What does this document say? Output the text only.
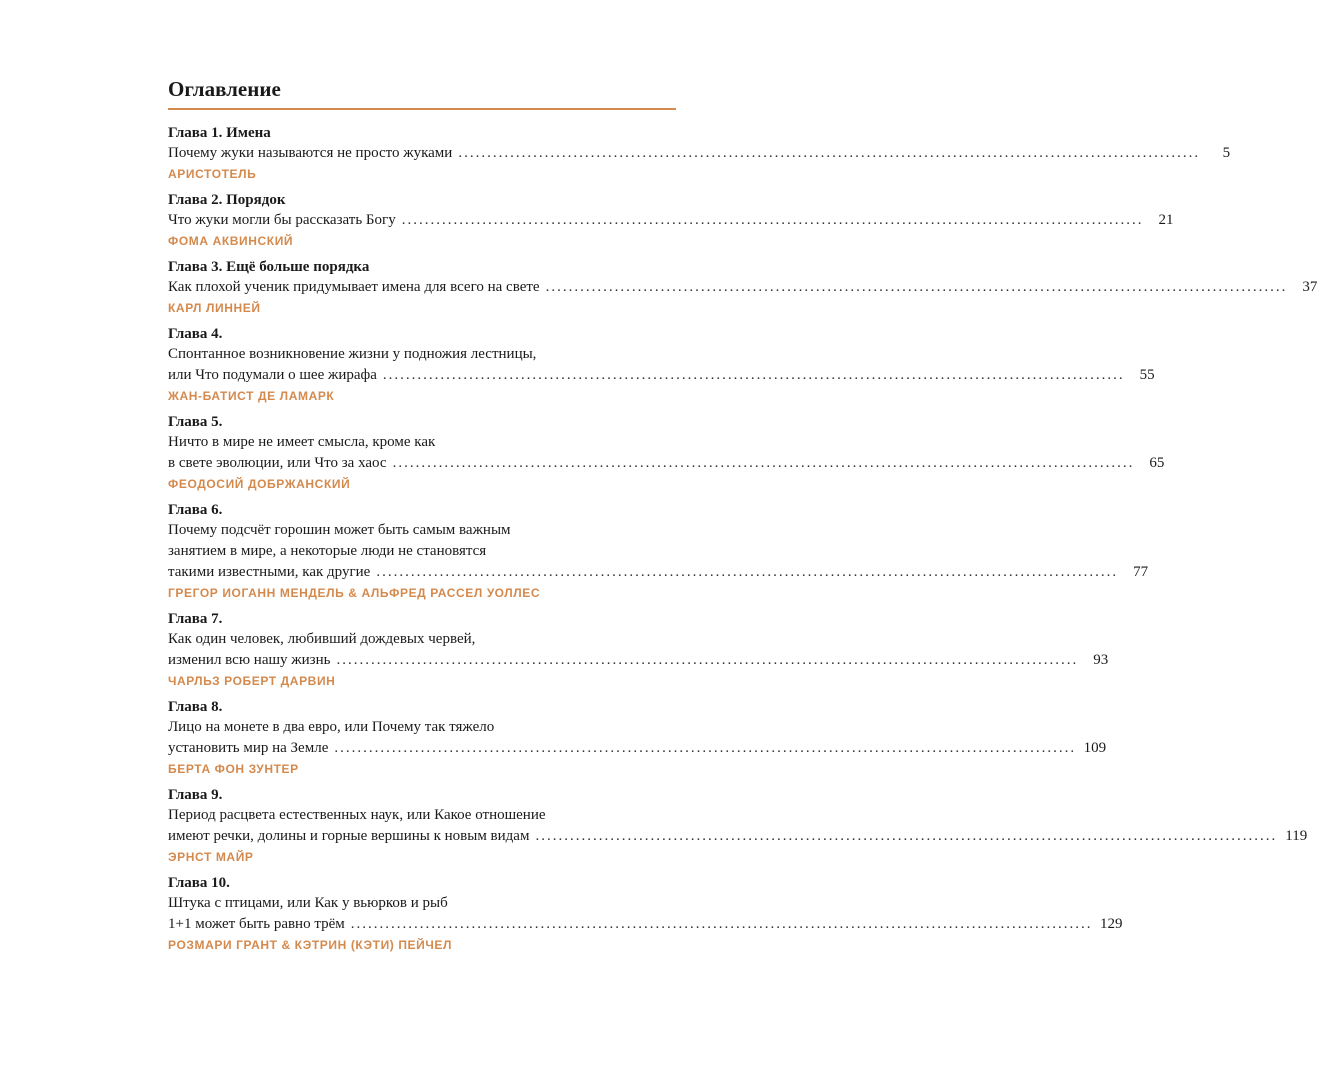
Оглавление
Глава 1. Имена
Почему жуки называются не просто жуками .................................................................................................................................	5
АРИСТОТЕЛЬ
Глава 2. Порядок
Что жуки могли бы рассказать Богу .................................................................................................................................	21
ФОМА АКВИНСКИЙ
Глава 3. Ещё больше порядка
Как плохой ученик придумывает имена для всего на свете .................................................................................................................................	37
КАРЛ ЛИННЕЙ
Глава 4.
Спонтанное возникновение жизни у подножия лестницы,
или Что подумали о шее жирафа .................................................................................................................................	55
ЖАН-БАТИСТ ДЕ ЛАМАРК
Глава 5.
Ничто в мире не имеет смысла, кроме как
в свете эволюции, или Что за хаос .................................................................................................................................	65
ФЕОДОСИЙ ДОБРЖАНСКИЙ
Глава 6.
Почему подсчёт горошин может быть самым важным
занятием в мире, а некоторые люди не становятся
такими известными, как другие .................................................................................................................................	77
ГРЕГОР ИОГАНН МЕНДЕЛЬ & АЛЬФРЕД РАССЕЛ УОЛЛЕС
Глава 7.
Как один человек, любивший дождевых червей,
изменил всю нашу жизнь .................................................................................................................................	93
ЧАРЛЬЗ РОБЕРТ ДАРВИН
Глава 8.
Лицо на монете в два евро, или Почему так тяжело
установить мир на Земле ................................................................................................................................. 109
БЕРТА ФОН ЗУНТЕР
Глава 9.
Период расцвета естественных наук, или Какое отношение
имеют речки, долины и горные вершины к новым видам ................................................................................................................................. 119
ЭРНСТ МАЙР
Глава 10.
Штука с птицами, или Как у вьюрков и рыб
1+1 может быть равно трём ................................................................................................................................. 129
РОЗМАРИ ГРАНТ & КЭТРИН (КЭТИ) ПЕЙЧЕЛ
